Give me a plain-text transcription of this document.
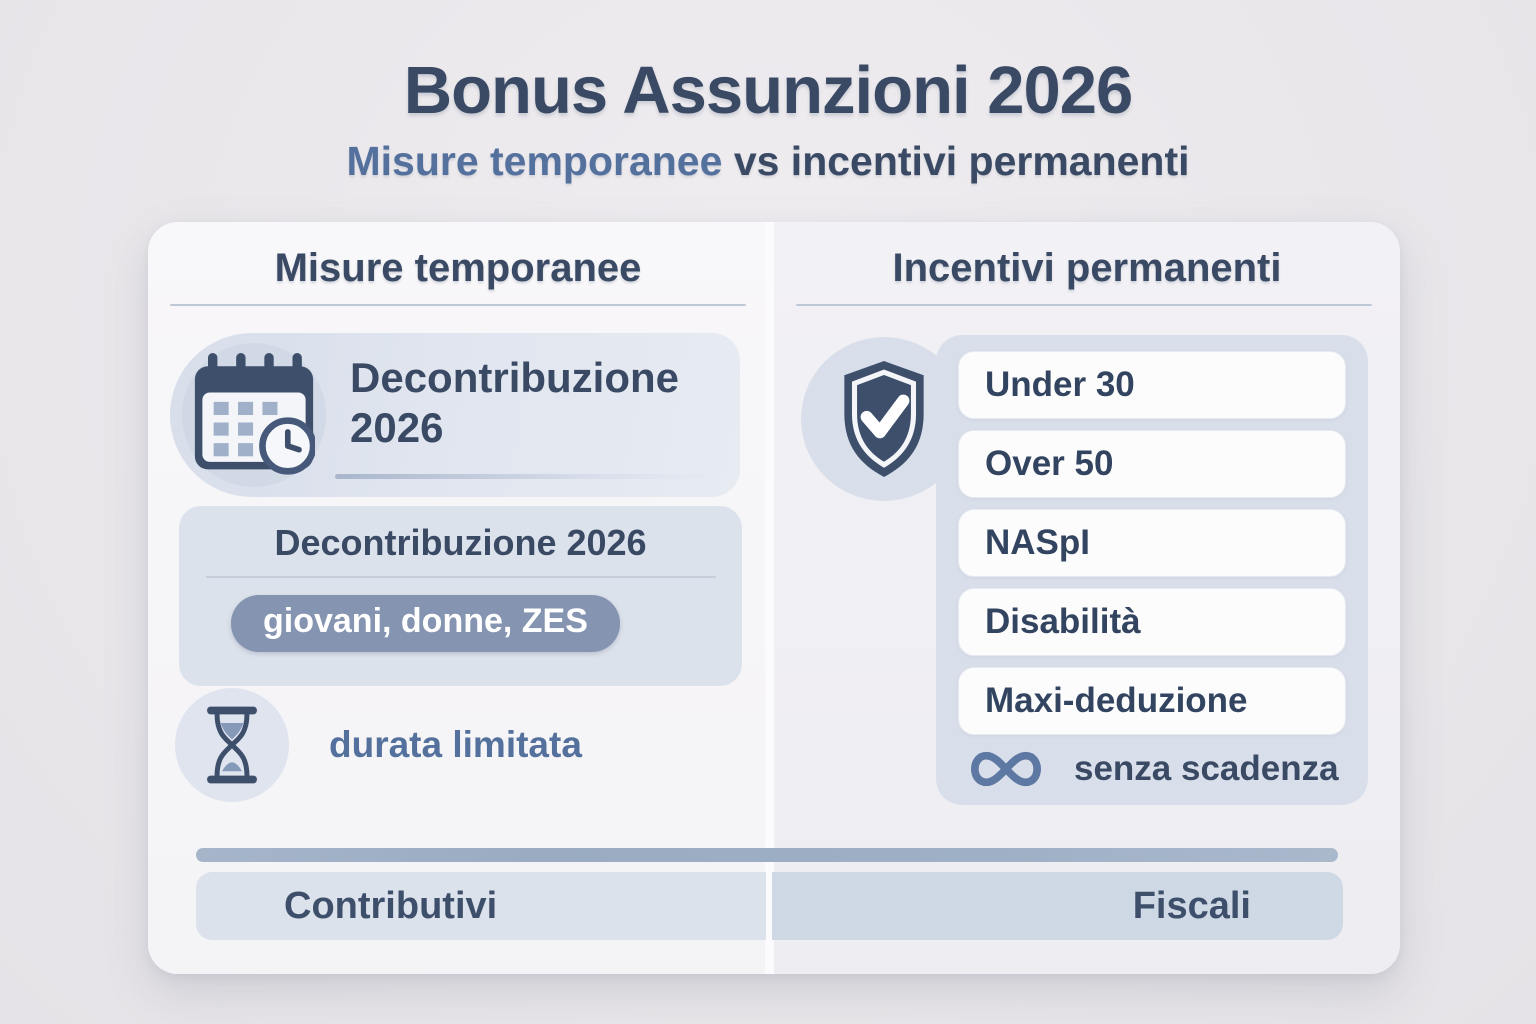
Bonus Assunzioni 2026
Misure temporanee vs incentivi permanenti
Misure temporanee
Decontribuzione 2026
Decontribuzione 2026
giovani, donne, ZES
durata limitata
Incentivi permanenti
Under 30
Over 50
NASpI
Disabilità
Maxi-deduzione
senza scadenza
Contributivi	Fiscali
